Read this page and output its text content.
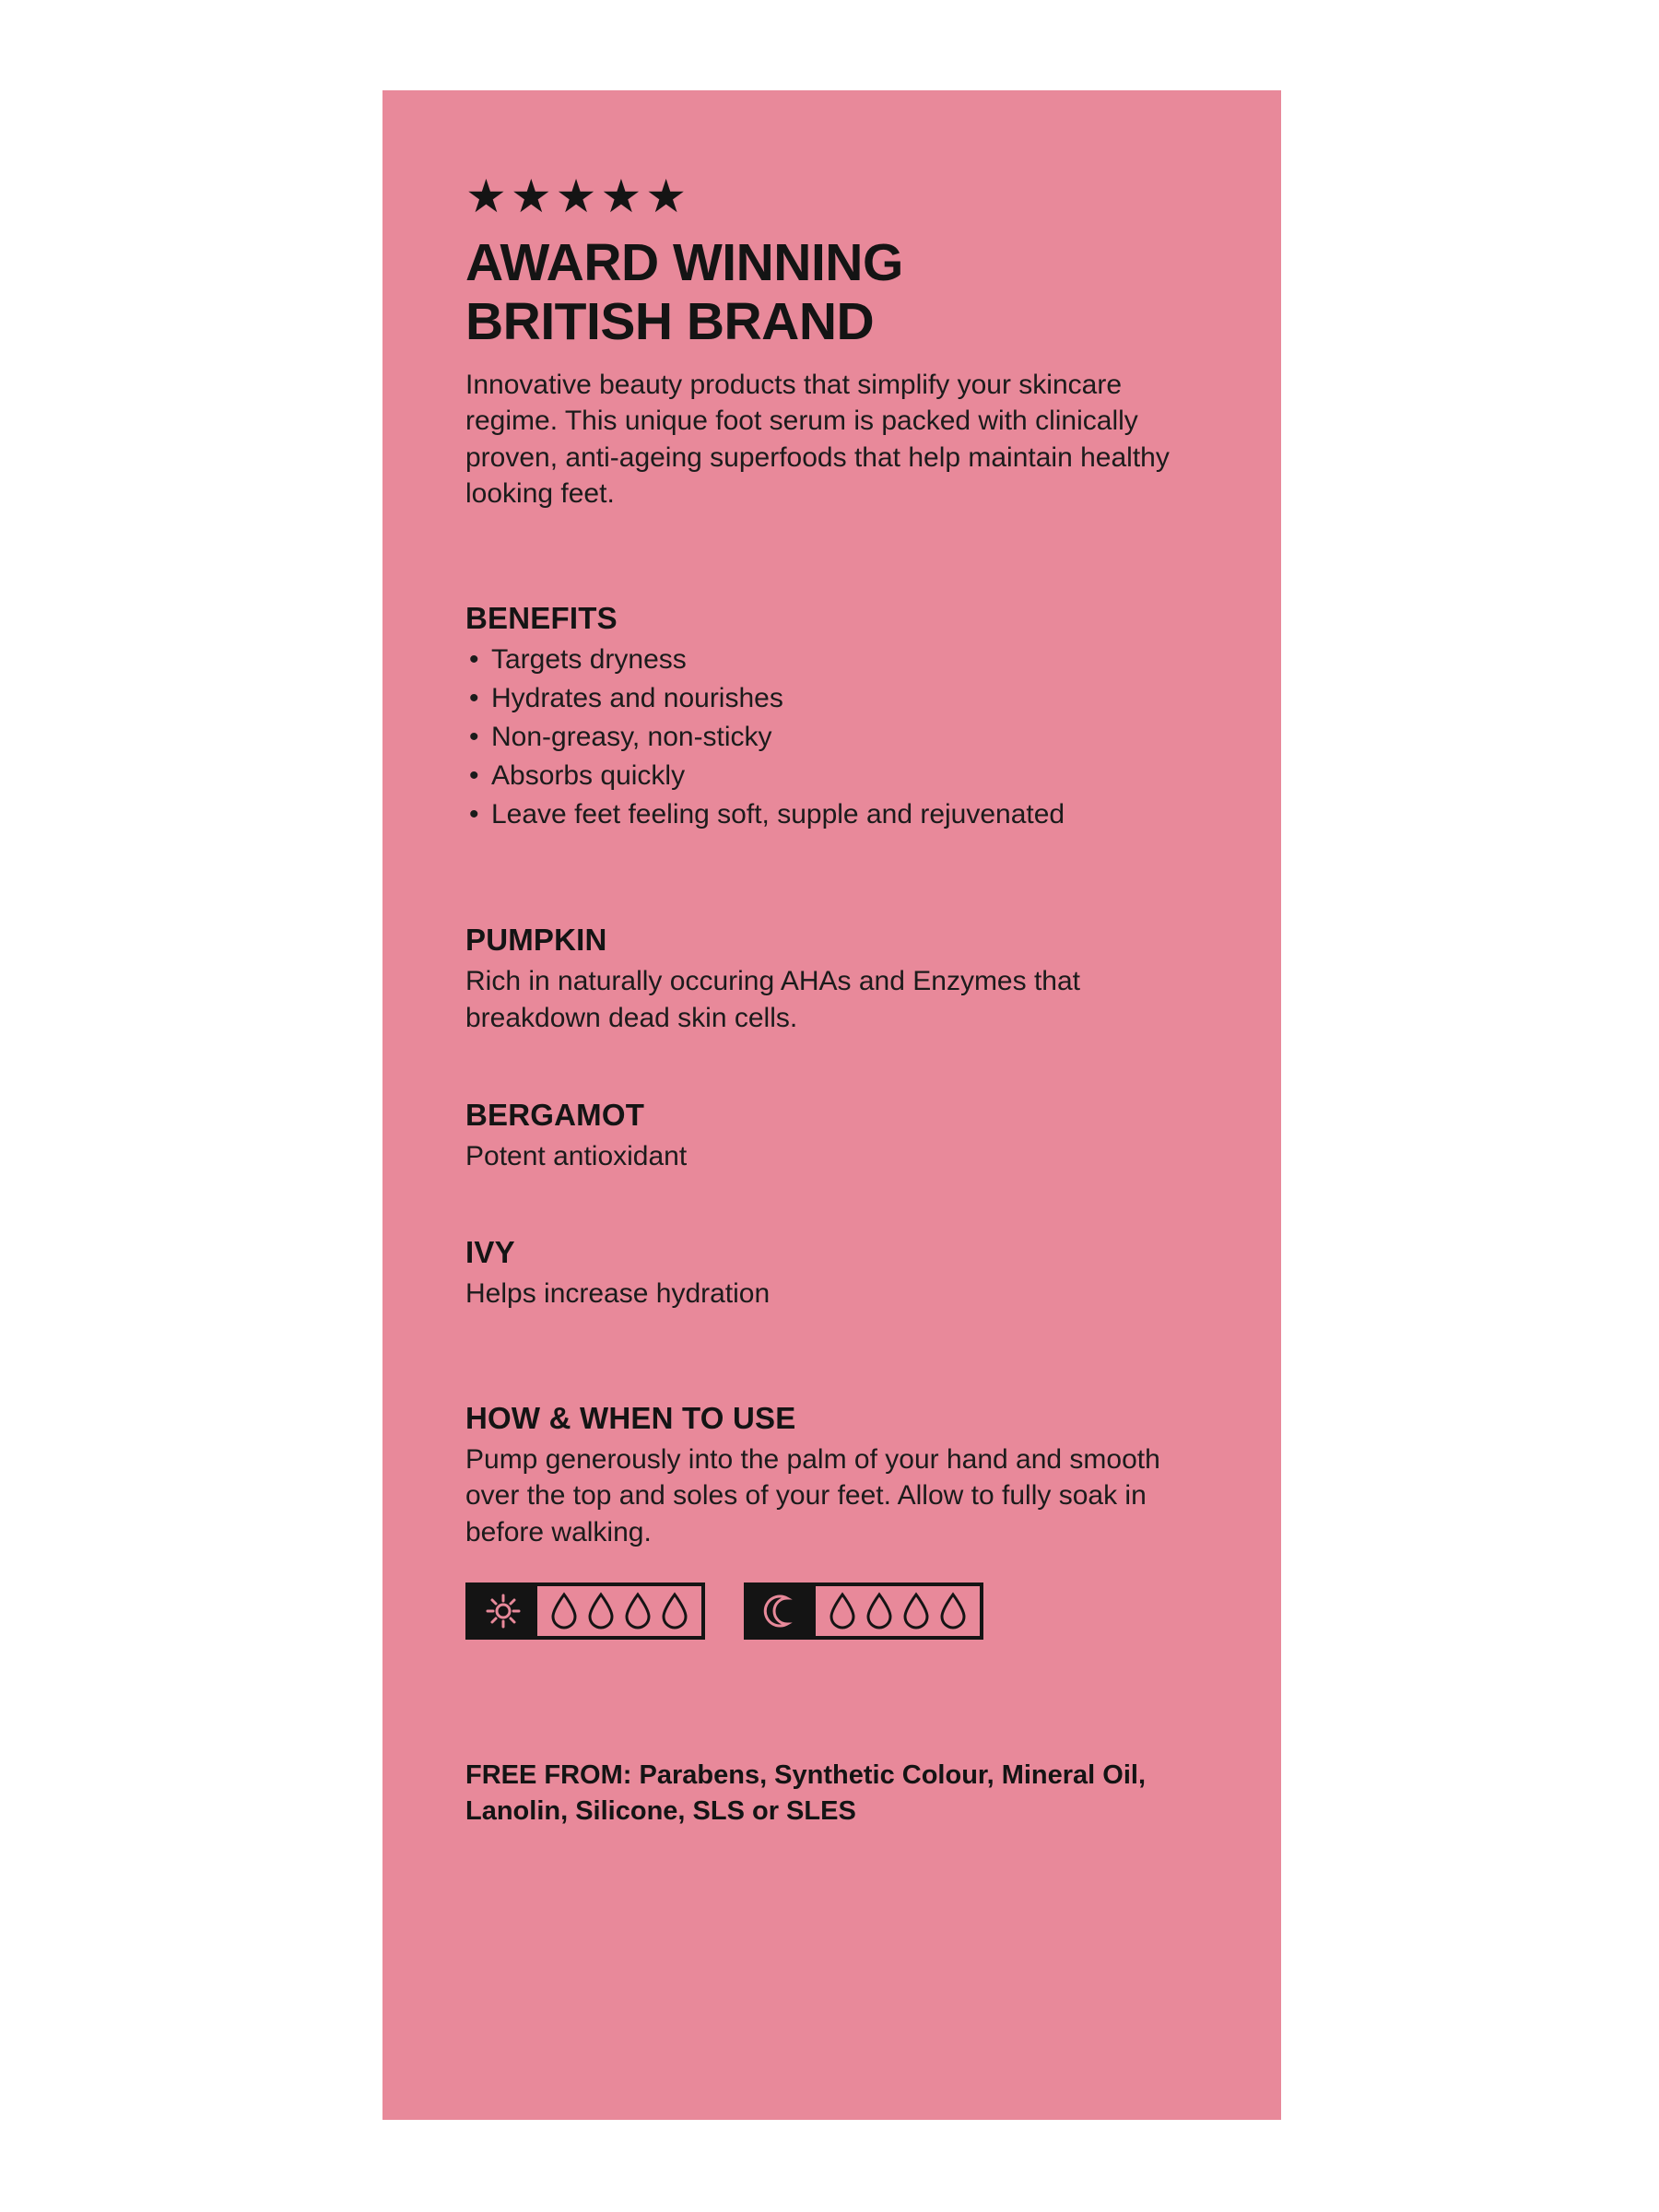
★★★★★
AWARD WINNING
BRITISH BRAND

Innovative beauty products that simplify your skincare regime. This unique foot serum is packed with clinically proven, anti-ageing superfoods that help maintain healthy looking feet.

BENEFITS
• Targets dryness
• Hydrates and nourishes
• Non-greasy, non-sticky
• Absorbs quickly
• Leave feet feeling soft, supple and rejuvenated
PUMPKIN

Rich in naturally occuring AHAs and Enzymes that breakdown dead skin cells.

BERGAMOT

Potent antioxidant

IVY

Helps increase hydration

HOW & WHEN TO USE

Pump generously into the palm of your hand and smooth over the top and soles of your feet. Allow to fully soak in before walking.

FREE FROM: Parabens, Synthetic Colour, Mineral Oil, Lanolin, Silicone, SLS or SLES
